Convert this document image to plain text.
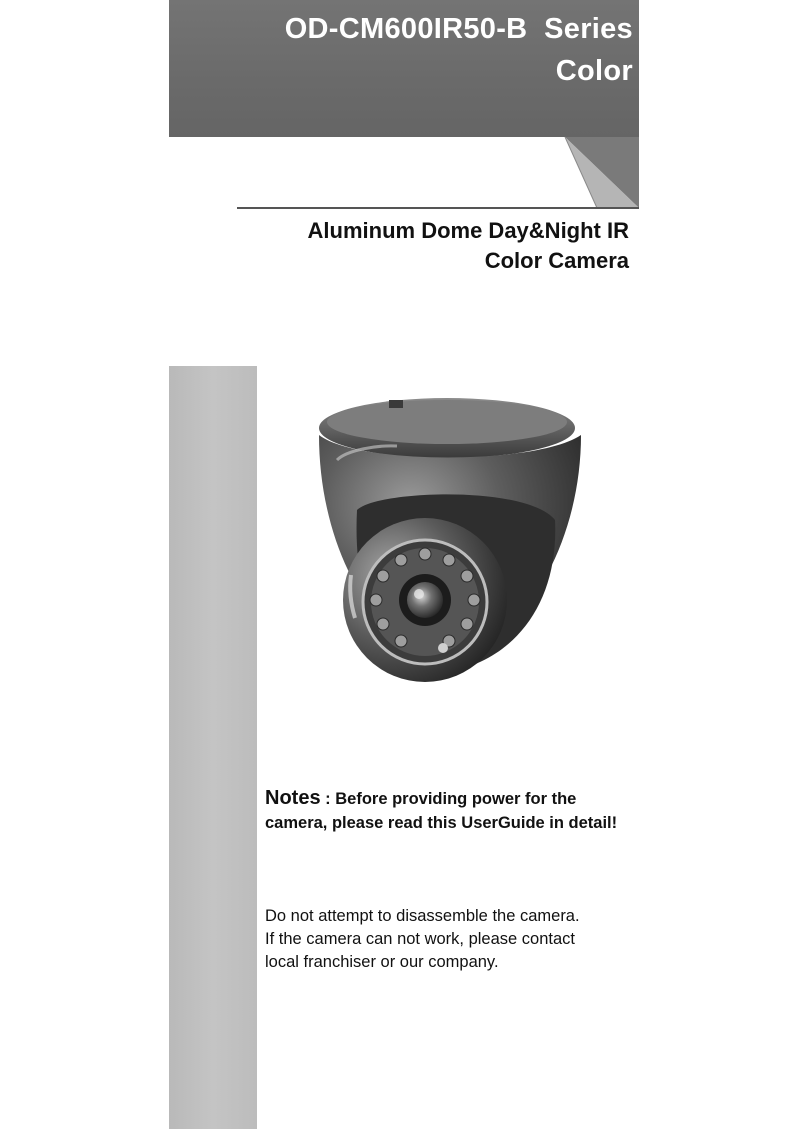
OD-CM600IR50-B  Series
Color
Aluminum Dome Day&Night IR
Color Camera
Notes : Before providing power for the camera, please read this UserGuide in detail!

Do not attempt to disassemble the camera.

If the camera can not work, please contact

local franchiser or our company.
